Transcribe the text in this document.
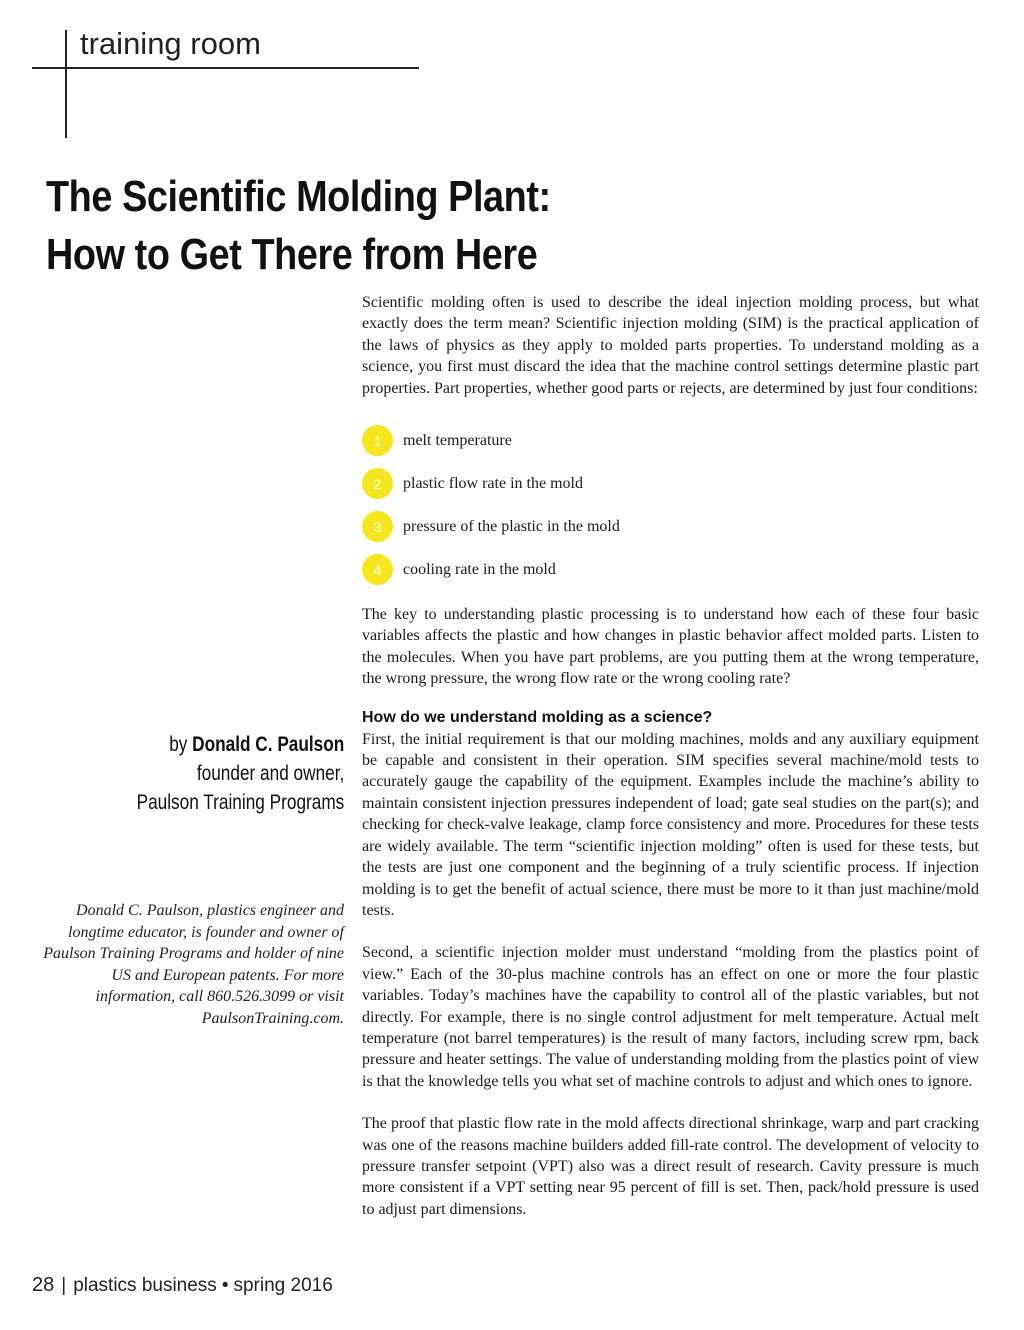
training room
The Scientific Molding Plant:
How to Get There from Here
by Donald C. Paulson
founder and owner,
Paulson Training Programs

Donald C. Paulson, plastics engineer and longtime educator, is founder and owner of Paulson Training Programs and holder of nine US and European patents. For more information, call 860.526.3099 or visit PaulsonTraining.com.

Scientific molding often is used to describe the ideal injection molding process, but what exactly does the term mean? Scientific injection molding (SIM) is the practical application of the laws of physics as they apply to molded parts properties. To understand molding as a science, you first must discard the idea that the machine control settings determine plastic part properties. Part properties, whether good parts or rejects, are determined by just four conditions:

1	melt temperature
2	plastic flow rate in the mold
3	pressure of the plastic in the mold
4	cooling rate in the mold

The key to understanding plastic processing is to understand how each of these four basic variables affects the plastic and how changes in plastic behavior affect molded parts. Listen to the molecules. When you have part problems, are you putting them at the wrong temperature, the wrong pressure, the wrong flow rate or the wrong cooling rate?

How do we understand molding as a science?

First, the initial requirement is that our molding machines, molds and any auxiliary equipment be capable and consistent in their operation. SIM specifies several machine/mold tests to accurately gauge the capability of the equipment. Examples include the machine’s ability to maintain consistent injection pressures independent of load; gate seal studies on the part(s); and checking for check-valve leakage, clamp force consistency and more. Procedures for these tests are widely available. The term “scientific injection molding” often is used for these tests, but the tests are just one component and the beginning of a truly scientific process. If injection molding is to get the benefit of actual science, there must be more to it than just machine/mold tests.

Second, a scientific injection molder must understand “molding from the plastics point of view.” Each of the 30-plus machine controls has an effect on one or more the four plastic variables. Today’s machines have the capability to control all of the plastic variables, but not directly. For example, there is no single control adjustment for melt temperature. Actual melt temperature (not barrel temperatures) is the result of many factors, including screw rpm, back pressure and heater settings. The value of understanding molding from the plastics point of view is that the knowledge tells you what set of machine controls to adjust and which ones to ignore.

The proof that plastic flow rate in the mold affects directional shrinkage, warp and part cracking was one of the reasons machine builders added fill-rate control. The development of velocity to pressure transfer setpoint (VPT) also was a direct result of research. Cavity pressure is much more consistent if a VPT setting near 95 percent of fill is set. Then, pack/hold pressure is used to adjust part dimensions.

28 | plastics business • spring 2016
